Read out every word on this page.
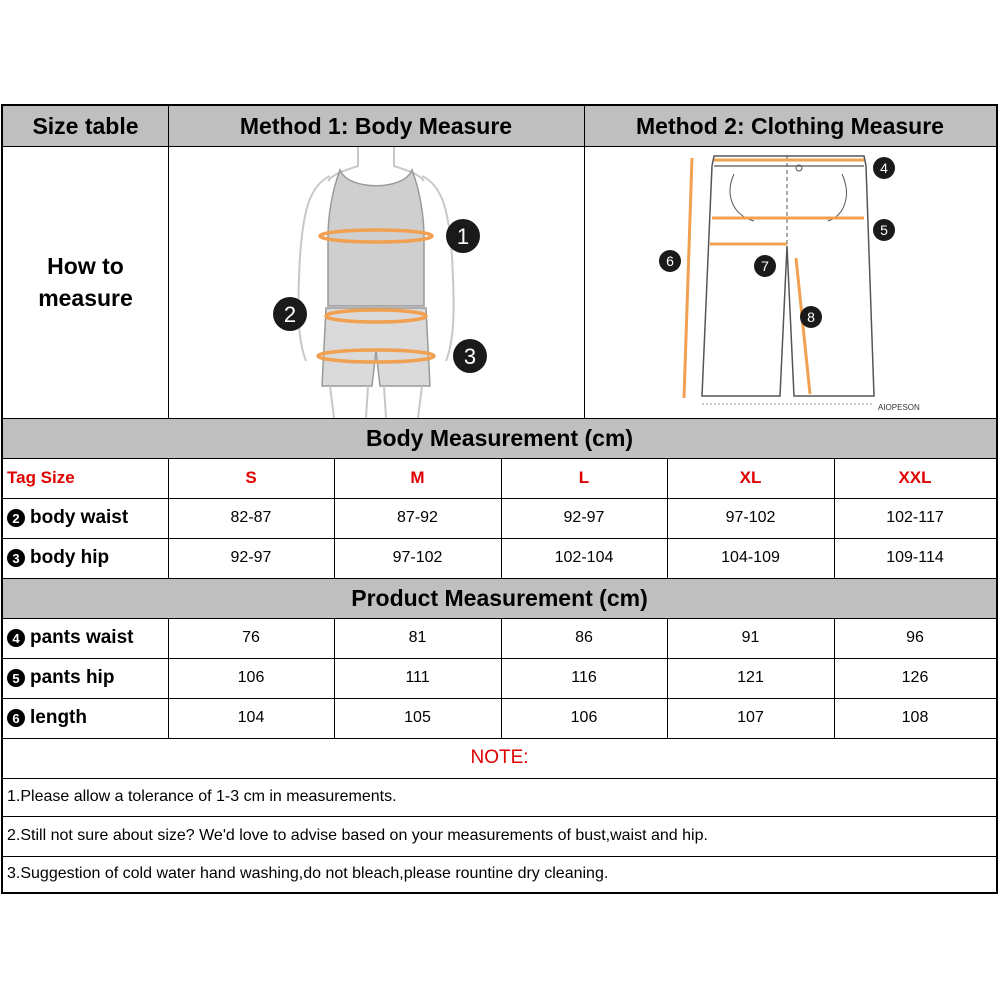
Size table	Method 1: Body Measure	Method 2: Clothing Measure
How to
measure
1
2
3
4
5
6	7
8
AIOPESON
Body Measurement (cm)
Tag Size	S	M	L	XL	XXL
2 body waist	82-87	87-92	92-97	97-102	102-117
3 body hip	92-97	97-102	102-104	104-109	109-114
Product Measurement (cm)
4 pants waist	76	81	86	91	96
5 pants hip	106	111	116	121	126
6 length	104	105	106	107	108
NOTE:
1.Please allow a tolerance of 1-3 cm in measurements.
2.Still not sure about size? We'd love to advise based on your measurements of bust,waist and hip.
3.Suggestion of cold water hand washing,do not bleach,please rountine dry cleaning.
